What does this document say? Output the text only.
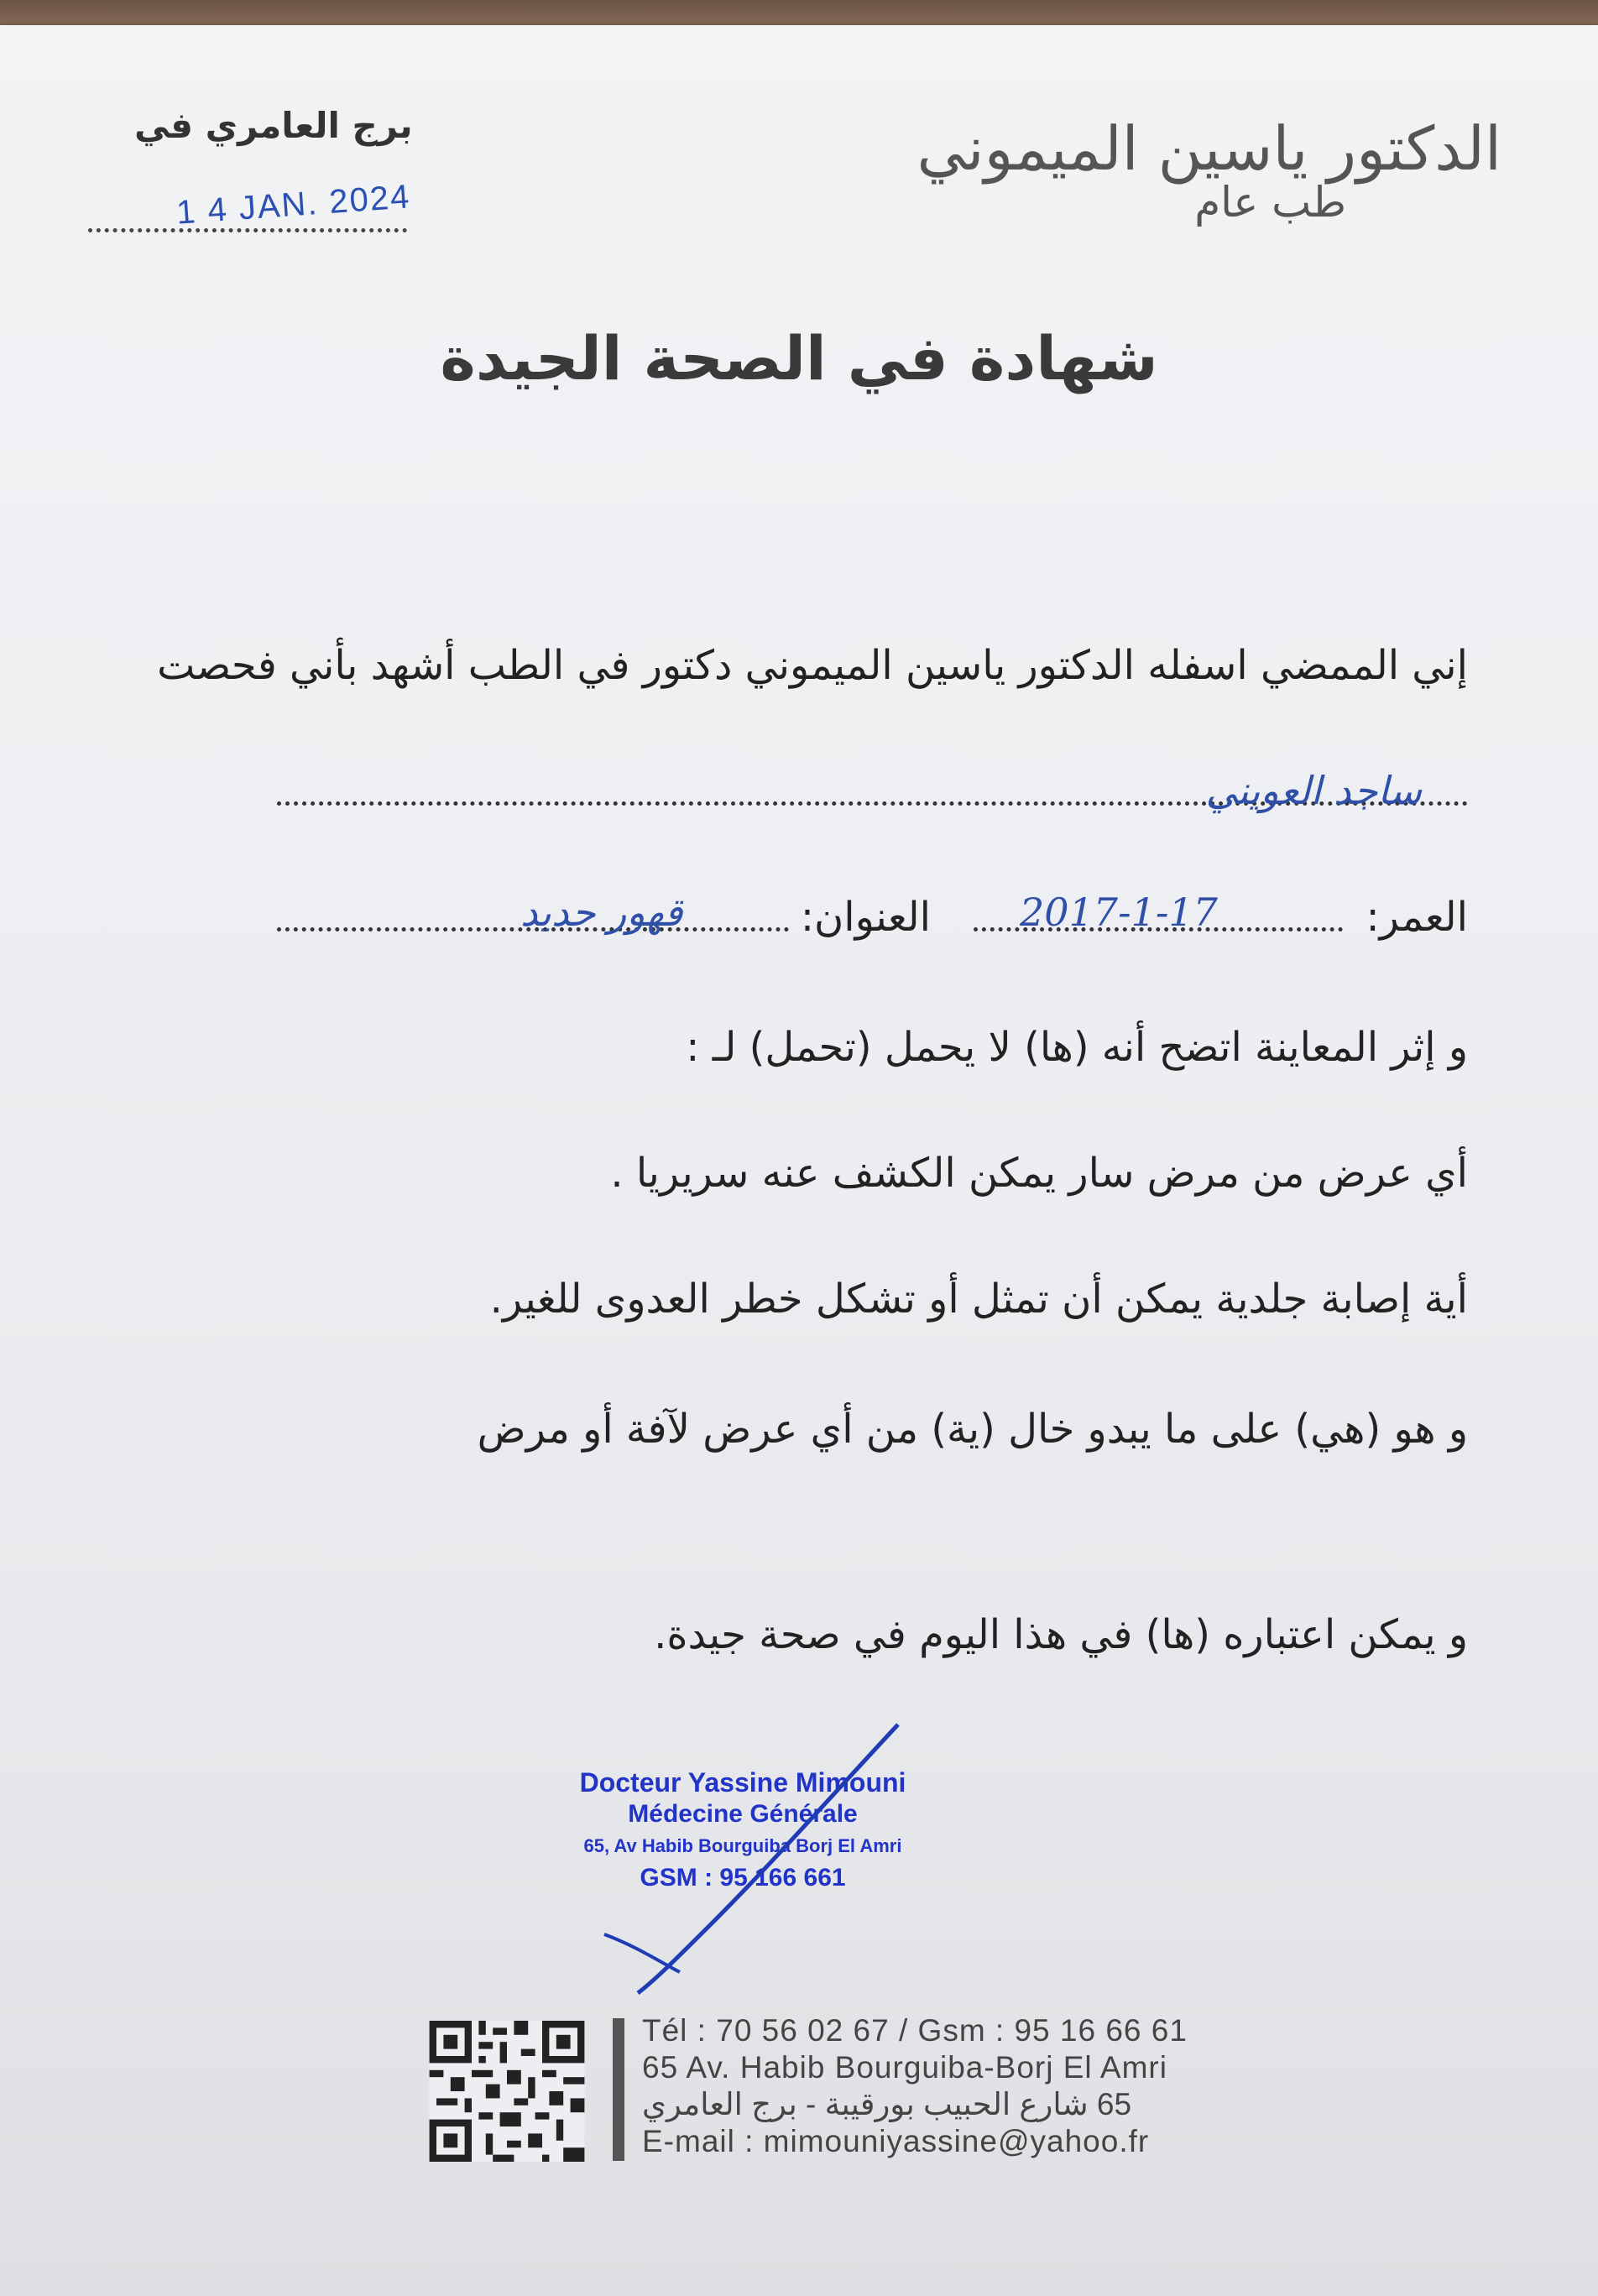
برج العامري في
1 4 JAN. 2024
الدكتور ياسين الميموني
طب عام
شهادة في الصحة الجيدة
إني الممضي اسفله الدكتور ياسين الميموني دكتور في الطب أشهد بأني فحصت
ساجد العويني
العمر:
2017-1-17
العنوان:
قهور حديد
و إثر المعاينة اتضح أنه (ها) لا يحمل (تحمل) لـ :
أي عرض من مرض سار يمكن الكشف عنه سريريا .
أية إصابة جلدية يمكن أن تمثل أو تشكل خطر العدوى للغير.
و هو (هي) على ما يبدو خال (ية) من أي عرض لآفة أو مرض
و يمكن اعتباره (ها) في هذا اليوم في صحة جيدة.
Docteur Yassine Mimouni
Médecine Générale
65, Av Habib Bourguiba Borj El Amri
GSM : 95 166 661
Tél : 70 56 02 67 / Gsm : 95 16 66 61
65 Av. Habib Bourguiba-Borj El Amri
65 شارع الحبيب بورقيبة - برج العامري
E-mail : mimouniyassine@yahoo.fr
